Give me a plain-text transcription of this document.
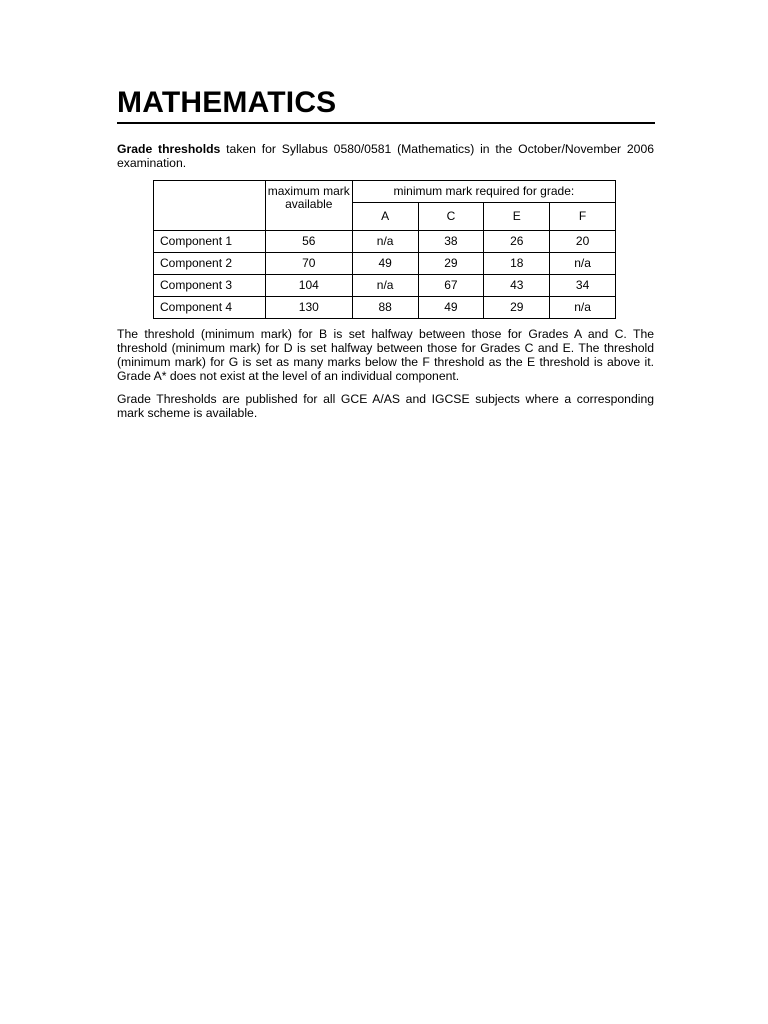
MATHEMATICS

Grade thresholds taken for Syllabus 0580/0581 (Mathematics) in the October/November 2006 examination.

	maximum mark available	minimum mark required for grade:			
		A	C	E	F
Component 1	56	n/a	38	26	20
Component 2	70	49	29	18	n/a
Component 3	104	n/a	67	43	34
Component 4	130	88	49	29	n/a

The threshold (minimum mark) for B is set halfway between those for Grades A and C. The threshold (minimum mark) for D is set halfway between those for Grades C and E. The threshold (minimum mark) for G is set as many marks below the F threshold as the E threshold is above it. Grade A* does not exist at the level of an individual component.

Grade Thresholds are published for all GCE A/AS and IGCSE subjects where a corresponding mark scheme is available.
